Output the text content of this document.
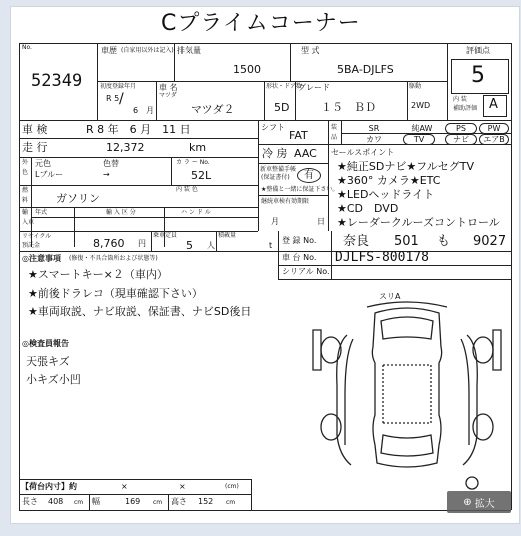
Cプライムコーナー
No.
52349
車歴 (自家用以外は記入) 排気量
1500
型 式
5BA-DJLFS
評価点
5
内 装
補助評価 A
初度登録年月
R 5 /
6 月
車 名
マツダ
マツダ２
形状・ドア数
5D
グレード
１５　ＢＤ
駆動
2WD
車 検	R 8 年　6 月　11 日
走 行	12,372	km
外
色
元色	色替
Lブルー	→
カ ラ ー No.
52L
内 装 色
燃
料	ガソリン
輸
入車
年式	輸 入 区 分	ハ ン ド ル
シフト
FAT
冷 房 AAC
新車整備手帳
(保証書付)	有
★整備と一緒に保証下さい。
継続車検有効期限
月	日
装
品
SR	純AW	PS	PW
カワ	TV	ナビ	エアB
セールスポイント
★純正SDナビ★フルセグTV
★360° カメラ★ETC
★LEDヘッドライト
★CD　DVD
★レーダークルーズコントロール
リサイクル
預託金	8,760 円
乗車定員
5 人
積載量
t
登 録 No. 奈良 501 も 9027
車 台 No. DJLFS-800178
シリアル No.
◎注意事項 (修復・不具合箇所および状態等)
★スマートキー×２（車内）
★前後ドラレコ（現車確認下さい）
★車両取説、ナビ取説、保証書、ナビSD後日
◎検査員報告
天張キズ
小キズ小凹
スリA
【荷台内寸】約	×	×	(cm)
長さ 408 cm 幅	169 cm 高さ 152 cm	⊕ 拡大
